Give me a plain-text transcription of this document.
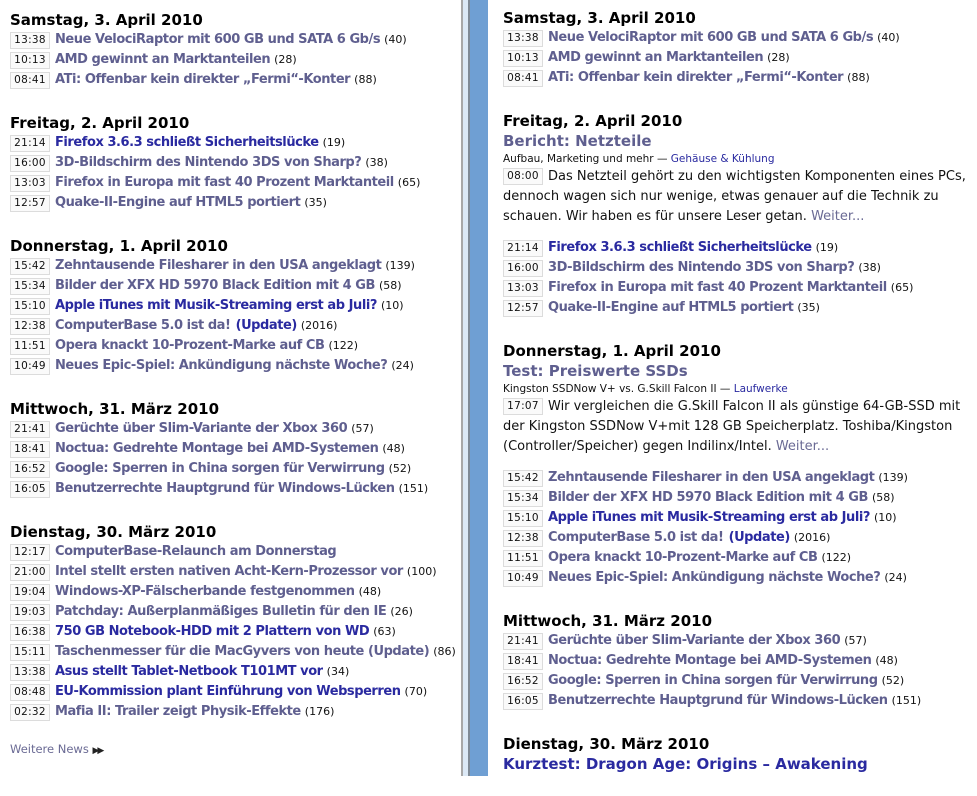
Samstag, 3. April 2010
13:38 Neue VelociRaptor mit 600 GB und SATA 6 Gb/s (40)
10:13 AMD gewinnt an Marktanteilen (28)
08:41 ATi: Offenbar kein direkter „Fermi“-Konter (88)
Freitag, 2. April 2010
21:14 Firefox 3.6.3 schließt Sicherheitslücke (19)
16:00 3D-Bildschirm des Nintendo 3DS von Sharp? (38)
13:03 Firefox in Europa mit fast 40 Prozent Marktanteil (65)
12:57 Quake-II-Engine auf HTML5 portiert (35)
Donnerstag, 1. April 2010
15:42 Zehntausende Filesharer in den USA angeklagt (139)
15:34 Bilder der XFX HD 5970 Black Edition mit 4 GB (58)
15:10 Apple iTunes mit Musik-Streaming erst ab Juli? (10)
12:38 ComputerBase 5.0 ist da!
(Update) (2016)
11:51 Opera knackt 10-Prozent-Marke auf CB (122)
10:49 Neues Epic-Spiel: Ankündigung nächste Woche? (24)
Mittwoch, 31. März 2010
21:41 Gerüchte über Slim-Variante der Xbox 360 (57)
18:41 Noctua: Gedrehte Montage bei AMD-Systemen (48)
16:52 Google: Sperren in China sorgen für Verwirrung (52)
16:05 Benutzerrechte Hauptgrund für Windows-Lücken (151)
Dienstag, 30. März 2010
12:17 ComputerBase-Relaunch am Donnerstag
21:00 Intel stellt ersten nativen Acht-Kern-Prozessor vor (100)
19:04 Windows-XP-Fälscherbande festgenommen (48)
19:03 Patchday: Außerplanmäßiges Bulletin für den IE (26)
16:38 750 GB Notebook-HDD mit 2 Plattern von WD (63)
15:11 Taschenmesser für die MacGyvers von heute (Update) (86)
13:38 Asus stellt Tablet-Netbook T101MT vor (34)
08:48 EU-Kommission plant Einführung von Websperren (70)
02:32 Mafia II: Trailer zeigt Physik-Effekte (176)
Weitere News ▶▶
Samstag, 3. April 2010
13:38 Neue VelociRaptor mit 600 GB und SATA 6 Gb/s (40)
10:13 AMD gewinnt an Marktanteilen (28)
08:41 ATi: Offenbar kein direkter „Fermi“-Konter (88)
Freitag, 2. April 2010
Bericht: Netzteile
Aufbau, Marketing und mehr — Gehäuse & Kühlung
08:00 Das Netzteil gehört zu den wichtigsten Komponenten eines PCs, dennoch wagen sich nur wenige, etwas genauer auf die Technik zu schauen. Wir haben es für unsere Leser getan. Weiter...
21:14 Firefox 3.6.3 schließt Sicherheitslücke (19)
16:00 3D-Bildschirm des Nintendo 3DS von Sharp? (38)
13:03 Firefox in Europa mit fast 40 Prozent Marktanteil (65)
12:57 Quake-II-Engine auf HTML5 portiert (35)
Donnerstag, 1. April 2010
Test: Preiswerte SSDs
Kingston SSDNow V+ vs. G.Skill Falcon II — Laufwerke
17:07 Wir vergleichen die G.Skill Falcon II als günstige 64-GB-SSD mit der Kingston SSDNow V+mit 128 GB Speicherplatz. Toshiba/Kingston (Controller/Speicher) gegen Indilinx/Intel. Weiter...
15:42 Zehntausende Filesharer in den USA angeklagt (139)
15:34 Bilder der XFX HD 5970 Black Edition mit 4 GB (58)
15:10 Apple iTunes mit Musik-Streaming erst ab Juli? (10)
12:38 ComputerBase 5.0 ist da!
(Update) (2016)
11:51 Opera knackt 10-Prozent-Marke auf CB (122)
10:49 Neues Epic-Spiel: Ankündigung nächste Woche? (24)
Mittwoch, 31. März 2010
21:41 Gerüchte über Slim-Variante der Xbox 360 (57)
18:41 Noctua: Gedrehte Montage bei AMD-Systemen (48)
16:52 Google: Sperren in China sorgen für Verwirrung (52)
16:05 Benutzerrechte Hauptgrund für Windows-Lücken (151)
Dienstag, 30. März 2010
Kurztest: Dragon Age: Origins – Awakening
